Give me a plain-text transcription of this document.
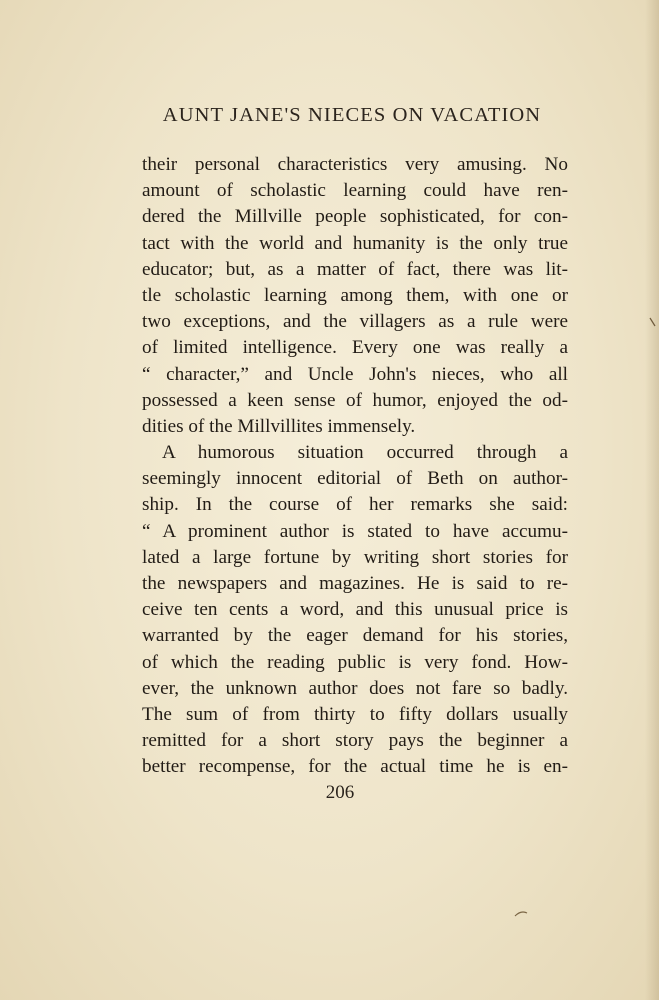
AUNT JANE'S NIECES ON VACATION
their personal characteristics very amusing. No
amount of scholastic learning could have ren-
dered the Millville people sophisticated, for con-
tact with the world and humanity is the only true
educator; but, as a matter of fact, there was lit-
tle scholastic learning among them, with one or
two exceptions, and the villagers as a rule were
of limited intelligence. Every one was really a
“ character,” and Uncle John's nieces, who all
possessed a keen sense of humor, enjoyed the od-
dities of the Millvillites immensely.
A humorous situation occurred through a
seemingly innocent editorial of Beth on author-
ship. In the course of her remarks she said:
“ A prominent author is stated to have accumu-
lated a large fortune by writing short stories for
the newspapers and magazines. He is said to re-
ceive ten cents a word, and this unusual price is
warranted by the eager demand for his stories,
of which the reading public is very fond. How-
ever, the unknown author does not fare so badly.
The sum of from thirty to fifty dollars usually
remitted for a short story pays the beginner a
better recompense, for the actual time he is en-
206
